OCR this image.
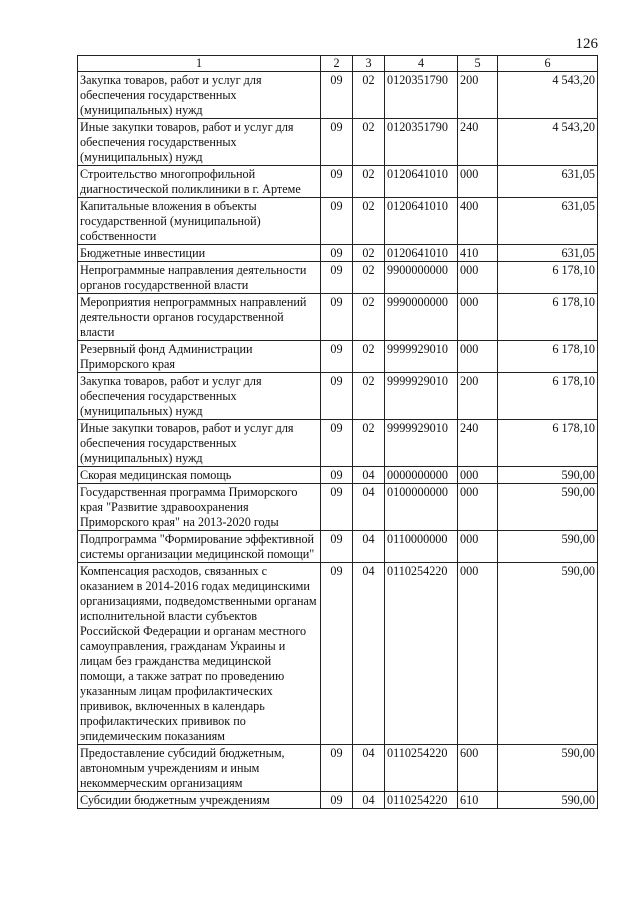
126
1	2	3	4	5	6
Закупка товаров, работ и услуг для обеспечения государственных (муниципальных) нужд	09	02	0120351790	200	4 543,20
Иные закупки товаров, работ и услуг для обеспечения государственных (муниципальных) нужд	09	02	0120351790	240	4 543,20
Строительство многопрофильной диагностической поликлиники в г. Артеме	09	02	0120641010	000	631,05
Капитальные вложения в объекты государственной (муниципальной) собственности	09	02	0120641010	400	631,05
Бюджетные инвестиции	09	02	0120641010	410	631,05
Непрограммные направления деятельности органов государственной власти	09	02	9900000000	000	6 178,10
Мероприятия непрограммных направлений деятельности органов государственной власти	09	02	9990000000	000	6 178,10
Резервный фонд Администрации Приморского края	09	02	9999929010	000	6 178,10
Закупка товаров, работ и услуг для обеспечения государственных (муниципальных) нужд	09	02	9999929010	200	6 178,10
Иные закупки товаров, работ и услуг для обеспечения государственных (муниципальных) нужд	09	02	9999929010	240	6 178,10
Скорая медицинская помощь	09	04	0000000000	000	590,00
Государственная программа Приморского края "Развитие здравоохранения Приморского края" на 2013-2020 годы	09	04	0100000000	000	590,00
Подпрограмма "Формирование эффективной системы организации медицинской помощи"	09	04	0110000000	000	590,00
Компенсация расходов, связанных с оказанием в 2014-2016 годах медицинскими организациями, подведомственными органам исполнительной власти субъектов Российской Федерации и органам местного самоуправления, гражданам Украины и лицам без гражданства медицинской помощи, а также затрат по проведению указанным лицам профилактических прививок, включенных в календарь профилактических прививок по эпидемическим показаниям	09	04	0110254220	000	590,00
Предоставление субсидий бюджетным, автономным учреждениям и иным некоммерческим организациям	09	04	0110254220	600	590,00
Субсидии бюджетным учреждениям	09	04	0110254220	610	590,00
